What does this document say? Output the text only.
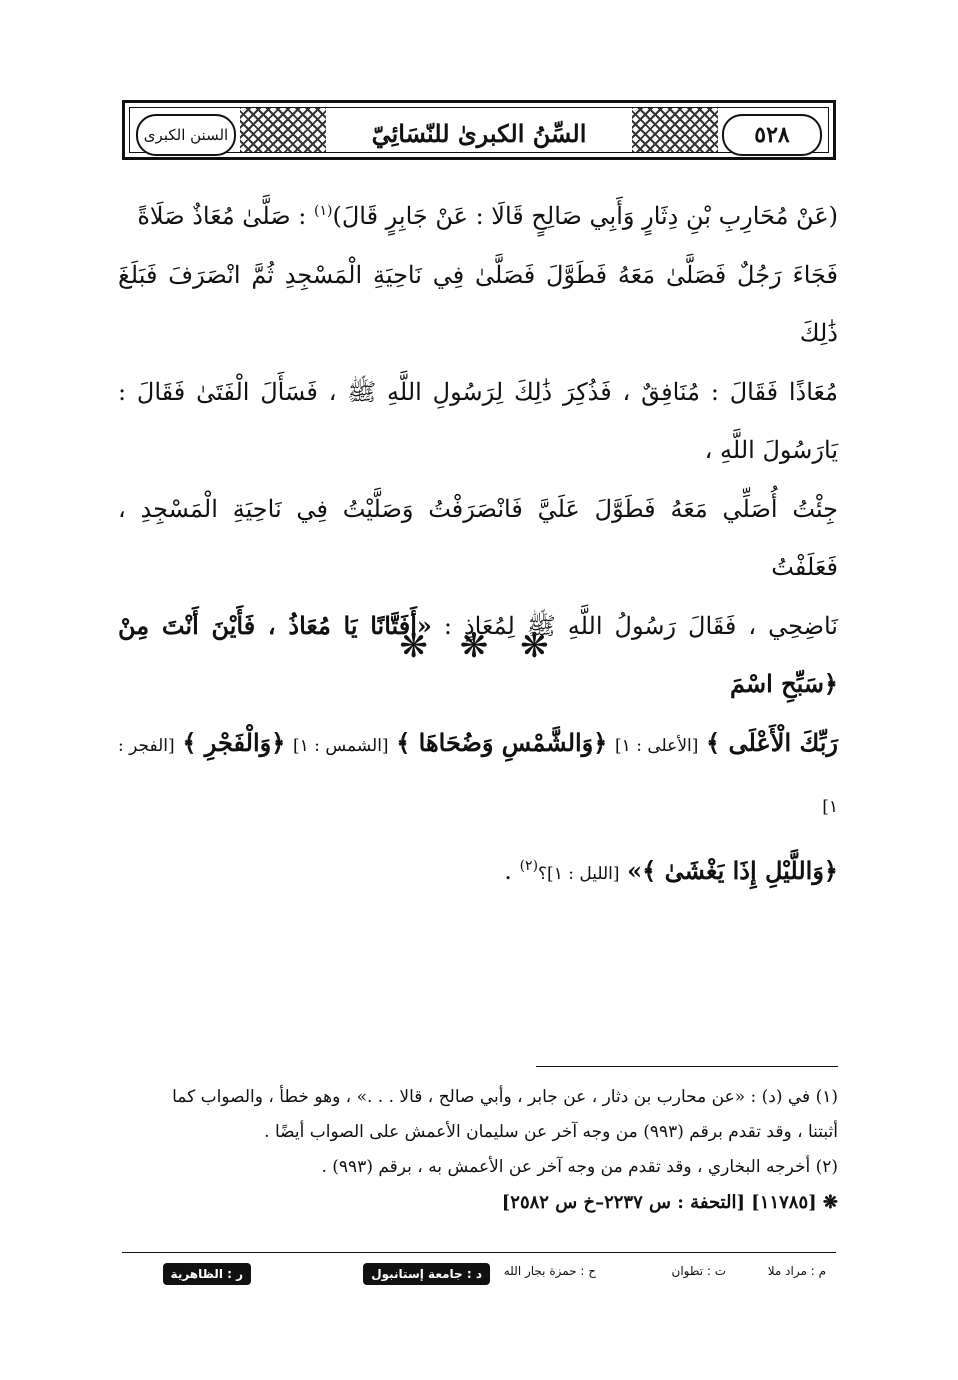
السنن الكبرى	السِّنُ الكبرىٰ للنّسَائِيّ	٥٢٨

(عَنْ مُحَارِبِ بْنِ دِثَارٍ وَأَبِي صَالِحٍ قَالَا : عَنْ جَابِرٍ قَالَ)$^{(١)}$ : صَلَّىٰ مُعَاذٌ صَلَاةً

فَجَاءَ رَجُلٌ فَصَلَّىٰ مَعَهُ فَطَوَّلَ فَصَلَّىٰ فِي نَاحِيَةِ الْمَسْجِدِ ثُمَّ انْصَرَفَ فَبَلَغَ ذَٰلِكَ

مُعَاذًا فَقَالَ : مُنَافِقٌ ، فَذُكِرَ ذَٰلِكَ لِرَسُولِ اللَّهِ ﷺ ، فَسَأَلَ الْفَتَىٰ فَقَالَ : يَارَسُولَ اللَّهِ ،

جِئْتُ أُصَلِّي مَعَهُ فَطَوَّلَ عَلَيَّ فَانْصَرَفْتُ وَصَلَّيْتُ فِي نَاحِيَةِ الْمَسْجِدِ ، فَعَلَفْتُ

نَاضِحِي ، فَقَالَ رَسُولُ اللَّهِ ﷺ لِمُعَاذٍ : «أَفَتَّانًا يَا مُعَاذُ ، فَأَيْنَ أَنْتَ مِنْ ﴿سَبِّحِ اسْمَ

رَبِّكَ الْأَعْلَى ﴾ [الأعلى : ١] ﴿وَالشَّمْسِ وَضُحَاهَا ﴾ [الشمس : ١] ﴿وَالْفَجْرِ ﴾ [الفجر : ١]

﴿وَاللَّيْلِ إِذَا يَغْشَىٰ ﴾» [الليل : ١]؟$^{(٢)}$ .

❋ ❋ ❋

(١) في (د) : «عن محارب بن دثار ، عن جابر ، وأبي صالح ، قالا . . .» ، وهو خطأ ، والصواب كما

أثبتنا ، وقد تقدم برقم (٩٩٣) من وجه آخر عن سليمان الأعمش على الصواب أيضًا .

(٢) أخرجه البخاري ، وقد تقدم من وجه آخر عن الأعمش به ، برقم (٩٩٣) .

❋ [١١٧٨٥] [التحفة : س ٢٢٣٧–خ س ٢٥٨٢]

م : مراد ملا
ت : تطوان
ح : حمزة بجار الله
د : جامعة إستانبول
ر : الظاهرية
